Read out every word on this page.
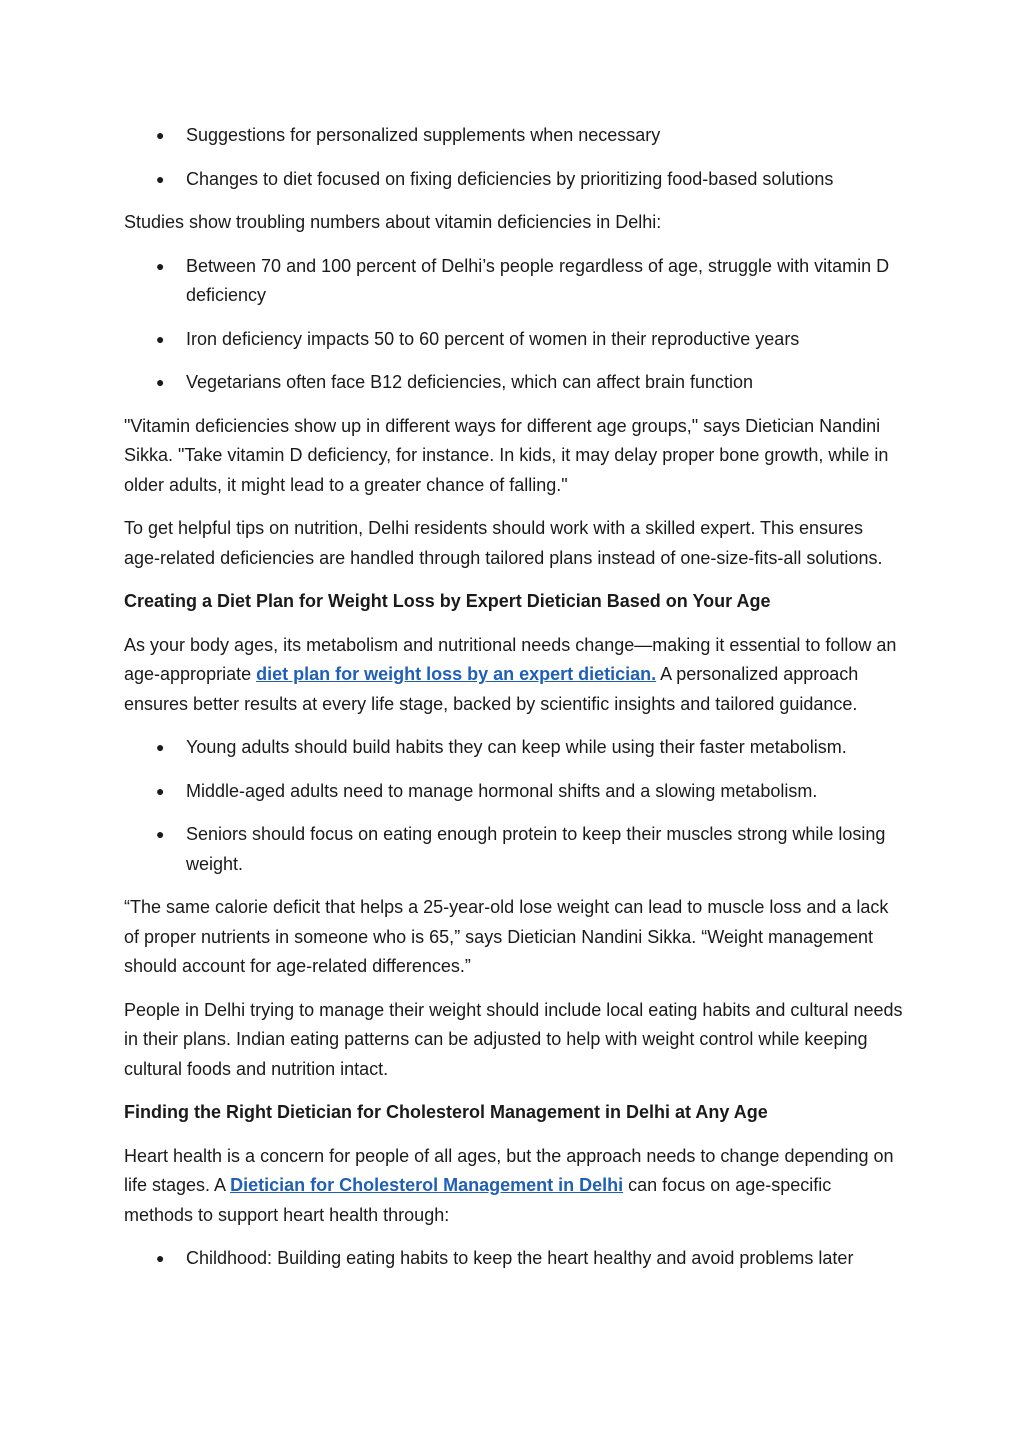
● Suggestions for personalized supplements when necessary
● Changes to diet focused on fixing deficiencies by prioritizing food-based solutions

Studies show troubling numbers about vitamin deficiencies in Delhi:

● Between 70 and 100 percent of Delhi’s people regardless of age, struggle with vitamin D deficiency
● Iron deficiency impacts 50 to 60 percent of women in their reproductive years
● Vegetarians often face B12 deficiencies, which can affect brain function

"Vitamin deficiencies show up in different ways for different age groups," says Dietician Nandini Sikka. "Take vitamin D deficiency, for instance. In kids, it may delay proper bone growth, while in older adults, it might lead to a greater chance of falling."

To get helpful tips on nutrition, Delhi residents should work with a skilled expert. This ensures age-related deficiencies are handled through tailored plans instead of one-size-fits-all solutions.

Creating a Diet Plan for Weight Loss by Expert Dietician Based on Your Age

As your body ages, its metabolism and nutritional needs change—making it essential to follow an age-appropriate diet plan for weight loss by an expert dietician. A personalized approach ensures better results at every life stage, backed by scientific insights and tailored guidance.

● Young adults should build habits they can keep while using their faster metabolism.
● Middle-aged adults need to manage hormonal shifts and a slowing metabolism.
● Seniors should focus on eating enough protein to keep their muscles strong while losing weight.

“The same calorie deficit that helps a 25-year-old lose weight can lead to muscle loss and a lack of proper nutrients in someone who is 65,” says Dietician Nandini Sikka. “Weight management should account for age-related differences.”

People in Delhi trying to manage their weight should include local eating habits and cultural needs in their plans. Indian eating patterns can be adjusted to help with weight control while keeping cultural foods and nutrition intact.

Finding the Right Dietician for Cholesterol Management in Delhi at Any Age

Heart health is a concern for people of all ages, but the approach needs to change depending on life stages. A Dietician for Cholesterol Management in Delhi can focus on age-specific methods to support heart health through:

● Childhood: Building eating habits to keep the heart healthy and avoid problems later
